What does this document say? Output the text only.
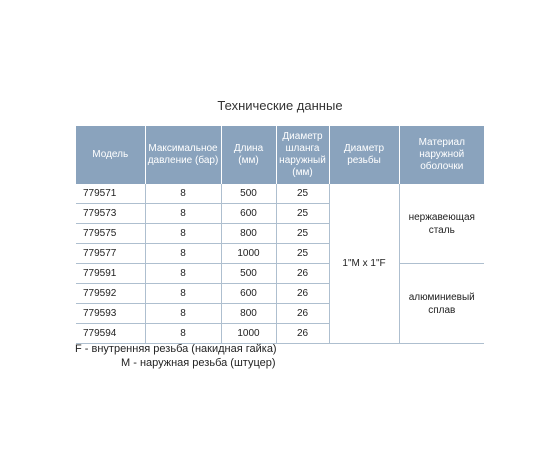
Технические данные
Модель	Максимальное давление (бар)	Длина (мм)	Диаметр шланга наружный (мм)	Диаметр резьбы	Материал наружной оболочки
779571	8	500	25	1"M x 1"F	нержавеющая сталь
779573	8	600	25		
779575	8	800	25		
779577	8	1000	25		
779591	8	500	26		алюминиевый сплав
779592	8	600	26		
779593	8	800	26		
779594	8	1000	26		
F - внутренняя резьба (накидная гайка)
M - наружная резьба (штуцер)
